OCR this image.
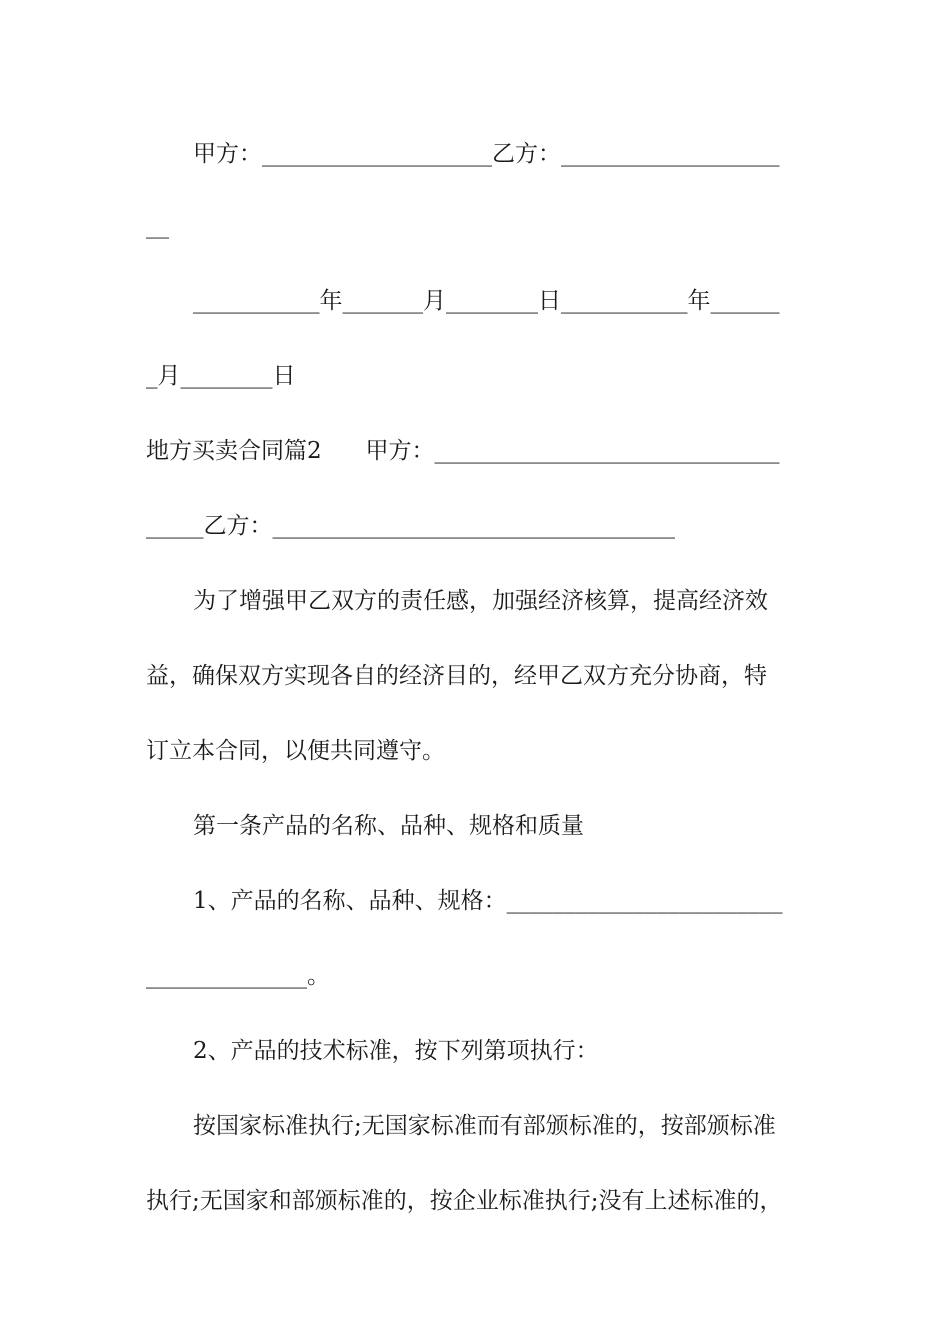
甲方：____________________乙方：___________________
__
___________年_______月________日___________年______
_月________日
地方买卖合同篇2      甲方：______________________________
_____乙方：___________________________________
为了增强甲乙双方的责任感，加强经济核算，提高经济效
益，确保双方实现各自的经济目的，经甲乙双方充分协商，特
订立本合同，以便共同遵守。
第一条产品的名称、品种、规格和质量
1、产品的名称、品种、规格：________________________
______________。
2、产品的技术标准，按下列第项执行：
按国家标准执行;无国家标准而有部颁标准的，按部颁标准
执行;无国家和部颁标准的，按企业标准执行;没有上述标准的，
